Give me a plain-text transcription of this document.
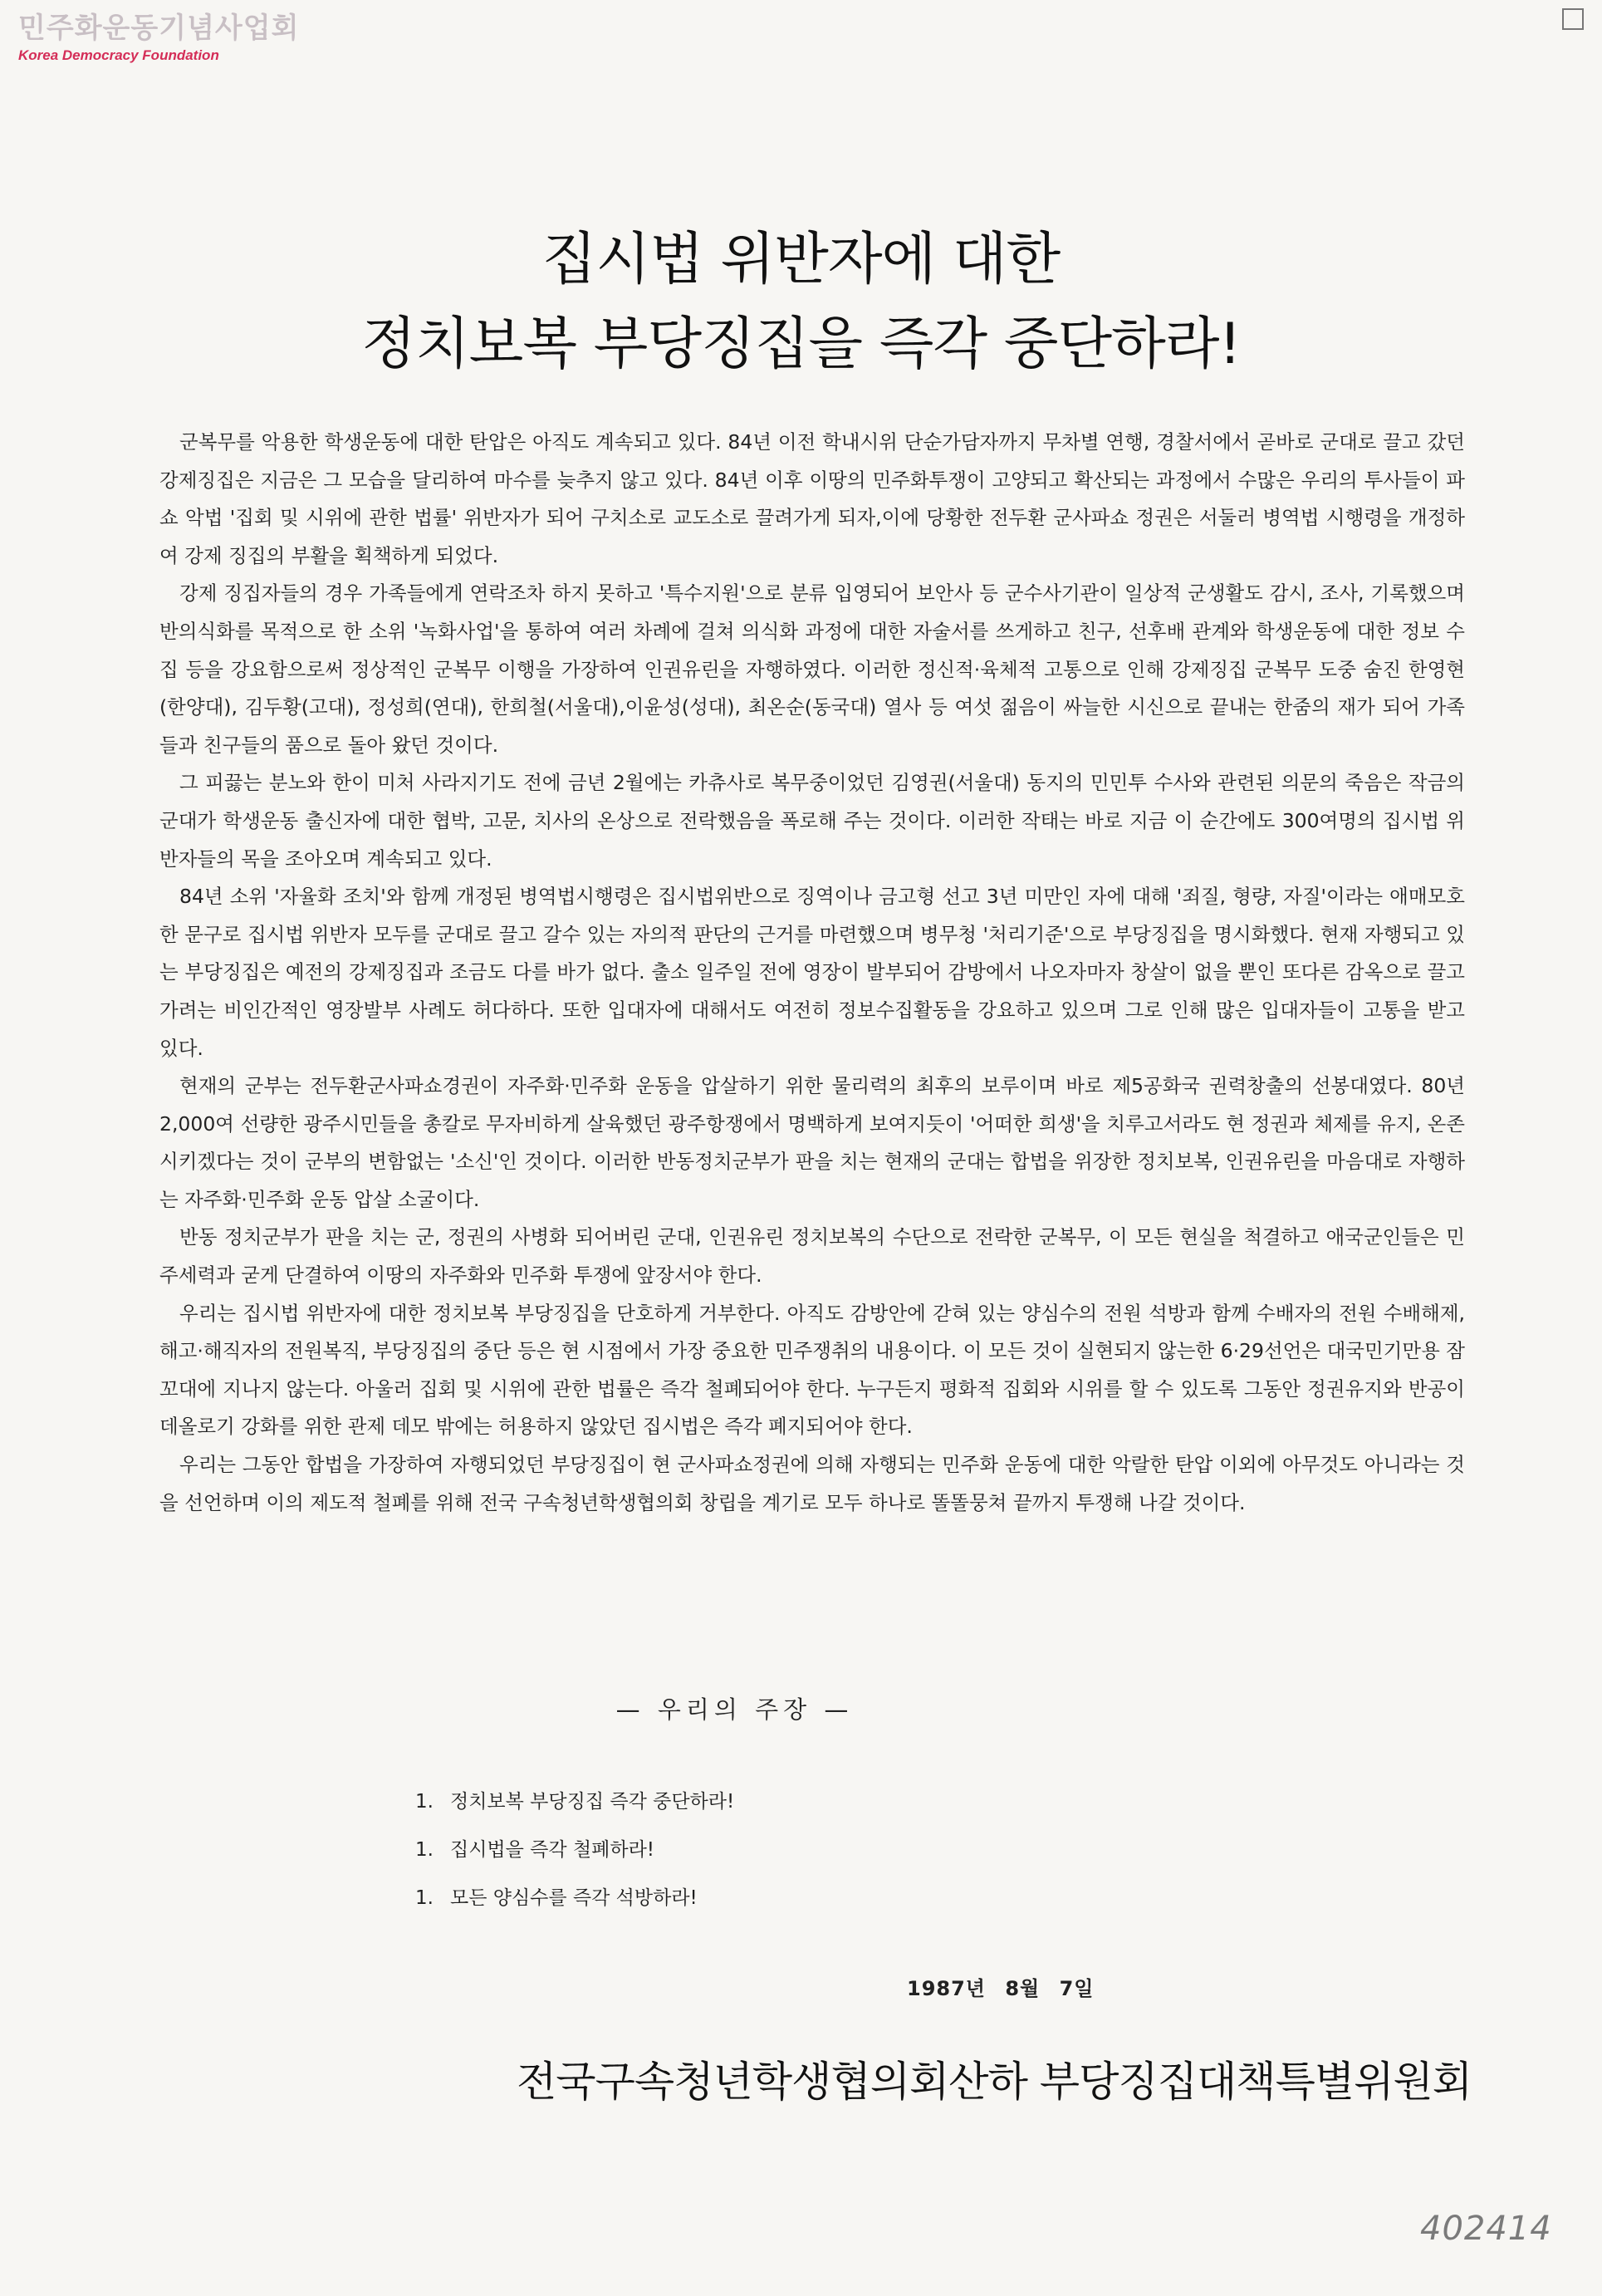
민주화운동기념사업회
Korea Democracy Foundation
집시법 위반자에 대한
정치보복 부당징집을 즉각 중단하라!

군복무를 악용한 학생운동에 대한 탄압은 아직도 계속되고 있다. 84년 이전 학내시위 단순가담자까지 무차별 연행, 경찰서에서 곧바로 군대로 끌고 갔던 강제징집은 지금은 그 모습을 달리하여 마수를 늦추지 않고 있다. 84년 이후 이땅의 민주화투쟁이 고양되고 확산되는 과정에서 수많은 우리의 투사들이 파쇼 악법 '집회 및 시위에 관한 법률' 위반자가 되어 구치소로 교도소로 끌려가게 되자,이에 당황한 전두환 군사파쇼 정권은 서둘러 병역법 시행령을 개정하여 강제 징집의 부활을 획책하게 되었다.

강제 징집자들의 경우 가족들에게 연락조차 하지 못하고 '특수지원'으로 분류 입영되어 보안사 등 군수사기관이 일상적 군생활도 감시, 조사, 기록했으며 반의식화를 목적으로 한 소위 '녹화사업'을 통하여 여러 차례에 걸쳐 의식화 과정에 대한 자술서를 쓰게하고 친구, 선후배 관계와 학생운동에 대한 정보 수집 등을 강요함으로써 정상적인 군복무 이행을 가장하여 인권유린을 자행하였다. 이러한 정신적·육체적 고통으로 인해 강제징집 군복무 도중 숨진 한영현(한양대), 김두황(고대), 정성희(연대), 한희철(서울대),이윤성(성대), 최온순(동국대) 열사 등 여섯 젊음이 싸늘한 시신으로 끝내는 한줌의 재가 되어 가족들과 친구들의 품으로 돌아 왔던 것이다.

그 피끓는 분노와 한이 미처 사라지기도 전에 금년 2월에는 카츄사로 복무중이었던 김영권(서울대) 동지의 민민투 수사와 관련된 의문의 죽음은 작금의 군대가 학생운동 출신자에 대한 협박, 고문, 치사의 온상으로 전락했음을 폭로해 주는 것이다. 이러한 작태는 바로 지금 이 순간에도 300여명의 집시법 위반자들의 목을 조아오며 계속되고 있다.

84년 소위 '자율화 조치'와 함께 개정된 병역법시행령은 집시법위반으로 징역이나 금고형 선고 3년 미만인 자에 대해 '죄질, 형량, 자질'이라는 애매모호한 문구로 집시법 위반자 모두를 군대로 끌고 갈수 있는 자의적 판단의 근거를 마련했으며 병무청 '처리기준'으로 부당징집을 명시화했다. 현재 자행되고 있는 부당징집은 예전의 강제징집과 조금도 다를 바가 없다. 출소 일주일 전에 영장이 발부되어 감방에서 나오자마자 창살이 없을 뿐인 또다른 감옥으로 끌고 가려는 비인간적인 영장발부 사례도 허다하다. 또한 입대자에 대해서도 여전히 정보수집활동을 강요하고 있으며 그로 인해 많은 입대자들이 고통을 받고 있다.

현재의 군부는 전두환군사파쇼경권이 자주화·민주화 운동을 압살하기 위한 물리력의 최후의 보루이며 바로 제5공화국 권력창출의 선봉대였다. 80년 2,000여 선량한 광주시민들을 총칼로 무자비하게 살육했던 광주항쟁에서 명백하게 보여지듯이 '어떠한 희생'을 치루고서라도 현 정권과 체제를 유지, 온존시키겠다는 것이 군부의 변함없는 '소신'인 것이다. 이러한 반동정치군부가 판을 치는 현재의 군대는 합법을 위장한 정치보복, 인권유린을 마음대로 자행하는 자주화·민주화 운동 압살 소굴이다.

반동 정치군부가 판을 치는 군, 정권의 사병화 되어버린 군대, 인권유린 정치보복의 수단으로 전락한 군복무, 이 모든 현실을 척결하고 애국군인들은 민주세력과 굳게 단결하여 이땅의 자주화와 민주화 투쟁에 앞장서야 한다.

우리는 집시법 위반자에 대한 정치보복 부당징집을 단호하게 거부한다. 아직도 감방안에 갇혀 있는 양심수의 전원 석방과 함께 수배자의 전원 수배해제, 해고·해직자의 전원복직, 부당징집의 중단 등은 현 시점에서 가장 중요한 민주쟁취의 내용이다. 이 모든 것이 실현되지 않는한 6·29선언은 대국민기만용 잠꼬대에 지나지 않는다. 아울러 집회 및 시위에 관한 법률은 즉각 철폐되어야 한다. 누구든지 평화적 집회와 시위를 할 수 있도록 그동안 정권유지와 반공이데올로기 강화를 위한 관제 데모 밖에는 허용하지 않았던 집시법은 즉각 폐지되어야 한다.

우리는 그동안 합법을 가장하여 자행되었던 부당징집이 현 군사파쇼정권에 의해 자행되는 민주화 운동에 대한 악랄한 탄압 이외에 아무것도 아니라는 것을 선언하며 이의 제도적 철폐를 위해 전국 구속청년학생협의회 창립을 계기로 모두 하나로 똘똘뭉쳐 끝까지 투쟁해 나갈 것이다.

— 우리의 주장 —
1. 정치보복 부당징집 즉각 중단하라!
1. 집시법을 즉각 철폐하라!
1. 모든 양심수를 즉각 석방하라!
1987년 8월 7일
전국구속청년학생협의회산하 부당징집대책특별위원회
402414
